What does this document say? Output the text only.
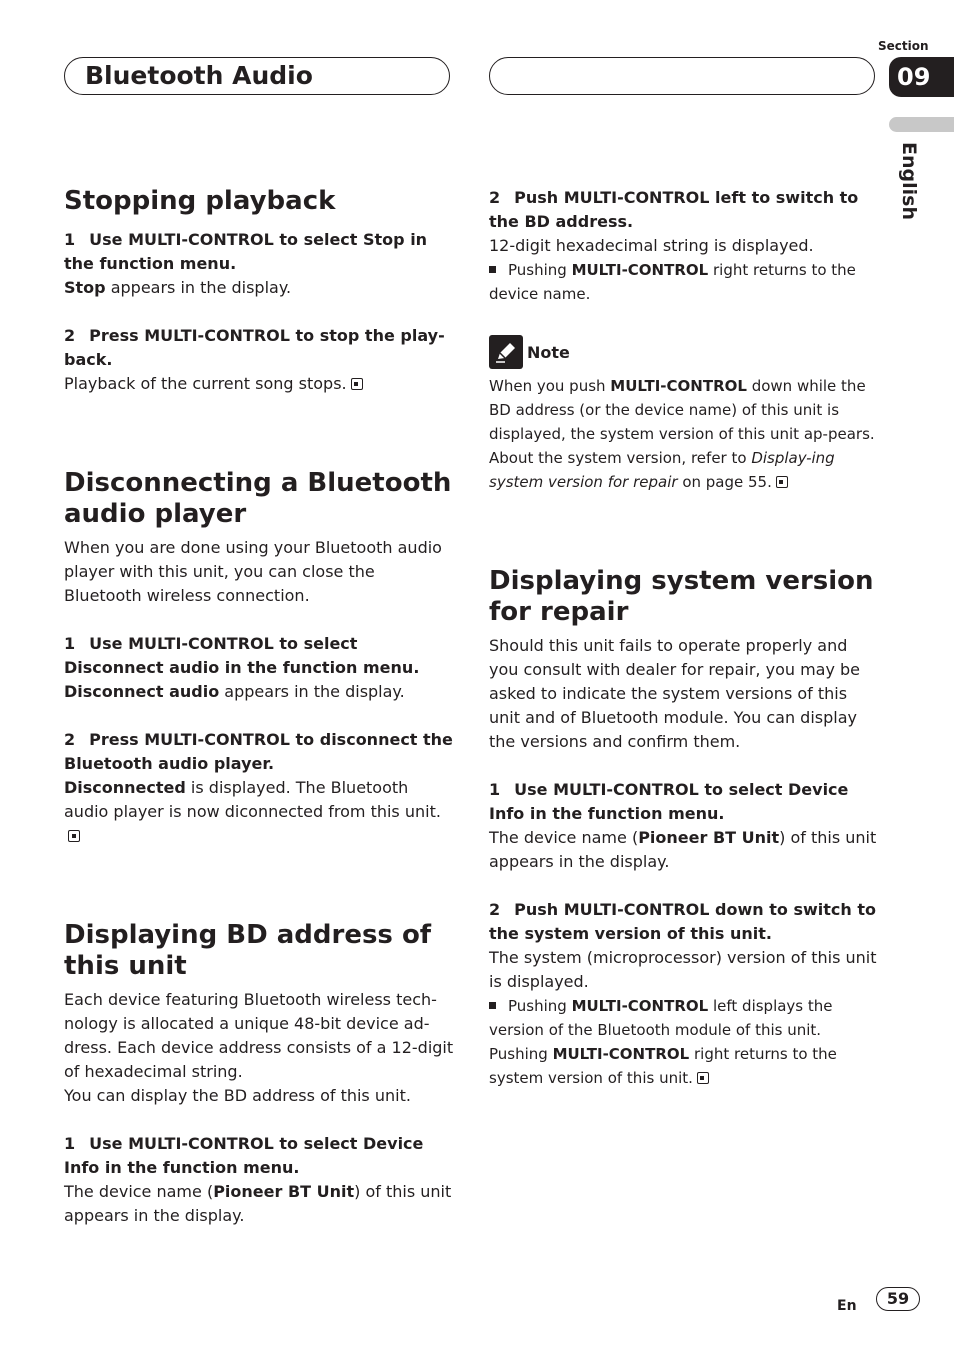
Bluetooth Audio
Section
09
English
Stopping playback

1 Use MULTI-CONTROL to select Stop in the function menu.

Stop appears in the display.

2 Press MULTI-CONTROL to stop the play-back.

Playback of the current song stops.

Disconnecting a Bluetooth audio player

When you are done using your Bluetooth audio player with this unit, you can close the Bluetooth wireless connection.

1 Use MULTI-CONTROL to select Disconnect audio in the function menu.

Disconnect audio appears in the display.

2 Press MULTI-CONTROL to disconnect the Bluetooth audio player.

Disconnected is displayed. The Bluetooth audio player is now diconnected from this unit.

Displaying BD address of this unit

Each device featuring Bluetooth wireless tech-nology is allocated a unique 48-bit device ad-dress. Each device address consists of a 12-digit of hexadecimal string.

You can display the BD address of this unit.

1 Use MULTI-CONTROL to select Device Info in the function menu.

The device name (Pioneer BT Unit) of this unit appears in the display.

2 Push MULTI-CONTROL left to switch to the BD address.

12-digit hexadecimal string is displayed.

Pushing MULTI-CONTROL right returns to the device name.

Note

When you push MULTI-CONTROL down while the BD address (or the device name) of this unit is displayed, the system version of this unit ap-pears. About the system version, refer to Display-ing system version for repair on page 55.

Displaying system version for repair

Should this unit fails to operate properly and you consult with dealer for repair, you may be asked to indicate the system versions of this unit and of Bluetooth module. You can display the versions and confirm them.

1 Use MULTI-CONTROL to select Device Info in the function menu.

The device name (Pioneer BT Unit) of this unit appears in the display.

2 Push MULTI-CONTROL down to switch to the system version of this unit.

The system (microprocessor) version of this unit is displayed.

Pushing MULTI-CONTROL left displays the version of the Bluetooth module of this unit.

Pushing MULTI-CONTROL right returns to the system version of this unit.

En	59
